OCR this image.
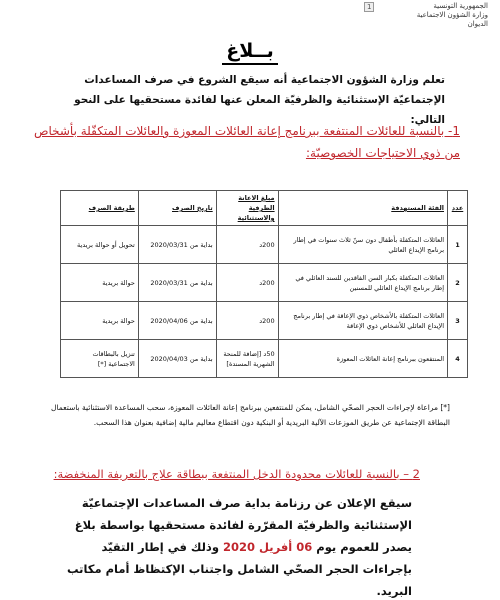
الجمهورية التونسية
وزارة الشؤون الاجتماعية
الديوان
1
بــلاغ

تعلم وزارة الشؤون الاجتماعية أنه سيقع الشروع في صرف المساعدات الإجتماعيّة الإستثنائية والظرفيّة المعلن عنها لفائدة مستحقيها على النحو التالي:

1- بالنسبة للعائلات المنتفعة ببرنامج إعانة العائلات المعوزة والعائلات المتكفّلة بأشخاص من ذوي الاحتياجات الخصوصيّة:

عدد	الفئة المستهدفة	مبلغ الاعانة الظرفية والاستثنائية	تاريخ الصرف	طريقة الصرف
1	العائلات المتكفلة بأطفال دون سنّ ثلاث سنوات في إطار برنامج الإيداع العائلي	200د	بداية من 2020/03/31	تحويل أو حوالة بريدية
2	العائلات المتكفلة بكبار السن الفاقدين للسند العائلي في إطار برنامج الإيداع العائلي للمسنين	200د	بداية من 2020/03/31	حوالة بريدية
3	العائلات المتكفلة بالأشخاص ذوي الإعاقة في إطار برنامج الإيداع العائلي للأشخاص ذوي الإعاقة	200د	بداية من 2020/04/06	حوالة بريدية
4	المنتفعون ببرنامج إعانة العائلات المعوزة	50د [إضافة للمنحة الشهرية المسندة]	بداية من 2020/04/03	تنزيل بالبطاقات الاجتماعية [*]

[*] مراعاة لإجراءات الحجر الصحّي الشامل، يمكن للمنتفعين ببرنامج إعانة العائلات المعوزة، سحب المساعدة الاستثنائية باستعمال البطاقة الإجتماعية عن طريق الموزعات الآلية البريدية أو البنكية دون اقتطاع معاليم مالية إضافية بعنوان هذا السحب.

2 – بالنسبة للعائلات محدودة الدخل المنتفعة ببطاقة علاج بالتعريفة المنخفضة:

سيقع الإعلان عن رزنامة بداية صرف المساعدات الإجتماعيّة الإستثنائية والظرفيّة المقرّرة لفائدة مستحقيها بواسطة بلاغ يصدر للعموم يوم 06 أفريل 2020 وذلك في إطار التقيّد بإجراءات الحجر الصحّي الشامل واجتناب الإكتظاظ أمام مكاتب البريد.
